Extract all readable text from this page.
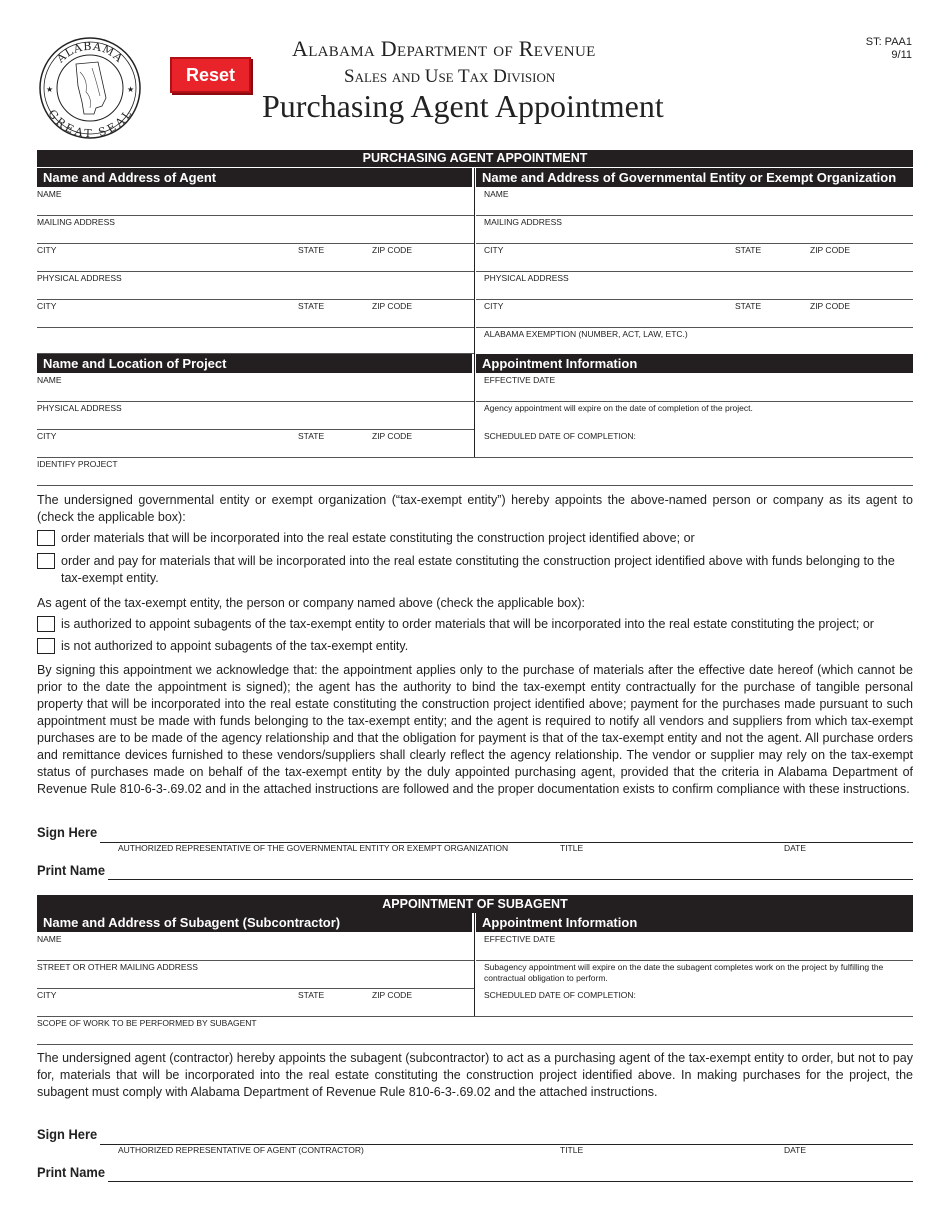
ALABAMA
GREAT SEAL
★	★
Reset
Alabama Department of Revenue
Sales and Use Tax Division
Purchasing Agent Appointment
ST: PAA1
9/11
PURCHASING AGENT APPOINTMENT
Name and Address of Agent	Name and Address of Governmental Entity or Exempt Organization
NAME
MAILING ADDRESS
CITY	STATE	ZIP CODE
PHYSICAL ADDRESS
CITY	STATE	ZIP CODE
NAME
MAILING ADDRESS
CITY	STATE	ZIP CODE
PHYSICAL ADDRESS
CITY	STATE	ZIP CODE
ALABAMA EXEMPTION (NUMBER, ACT, LAW, ETC.)
Name and Location of Project	Appointment Information
NAME
PHYSICAL ADDRESS
CITY	STATE	ZIP CODE
IDENTIFY PROJECT
EFFECTIVE DATE
Agency appointment will expire on the date of completion of the project.
SCHEDULED DATE OF COMPLETION:
The undersigned governmental entity or exempt organization (“tax-exempt entity”) hereby appoints the above-named person or company as its agent to (check the applicable box):
order materials that will be incorporated into the real estate constituting the construction project identified above; or
order and pay for materials that will be incorporated into the real estate constituting the construction project identified above with funds belonging to the tax-exempt entity.
As agent of the tax-exempt entity, the person or company named above (check the applicable box):
is authorized to appoint subagents of the tax-exempt entity to order materials that will be incorporated into the real estate constituting the project; or
is not authorized to appoint subagents of the tax-exempt entity.
By signing this appointment we acknowledge that: the appointment applies only to the purchase of materials after the effective date hereof (which cannot be prior to the date the appointment is signed); the agent has the authority to bind the tax-exempt entity contractually for the purchase of tangible personal property that will be incorporated into the real estate constituting the construction project identified above; payment for the purchases made pursuant to such appointment must be made with funds belonging to the tax-exempt entity; and the agent is required to notify all vendors and suppliers from which tax-exempt purchases are to be made of the agency relationship and that the obligation for payment is that of the tax-exempt entity and not the agent. All purchase orders and remittance devices furnished to these vendors/suppliers shall clearly reflect the agency relationship. The vendor or supplier may rely on the tax-exempt status of purchases made on behalf of the tax-exempt entity by the duly appointed purchasing agent, provided that the criteria in Alabama Department of Revenue Rule 810-6-3-.69.02 and in the attached instructions are followed and the proper documentation exists to confirm compliance with these instructions.
Sign Here
AUTHORIZED REPRESENTATIVE OF THE GOVERNMENTAL ENTITY OR EXEMPT ORGANIZATION	TITLE	DATE
Print Name
APPOINTMENT OF SUBAGENT
Name and Address of Subagent (Subcontractor)	Appointment Information
NAME
STREET OR OTHER MAILING ADDRESS
CITY	STATE	ZIP CODE
SCOPE OF WORK TO BE PERFORMED BY SUBAGENT
EFFECTIVE DATE
Subagency appointment will expire on the date the subagent completes work on the project by fulfilling the contractual obligation to perform.
SCHEDULED DATE OF COMPLETION:
The undersigned agent (contractor) hereby appoints the subagent (subcontractor) to act as a purchasing agent of the tax-exempt entity to order, but not to pay for, materials that will be incorporated into the real estate constituting the construction project identified above. In making purchases for the project, the subagent must comply with Alabama Department of Revenue Rule 810-6-3-.69.02 and the attached instructions.
Sign Here
AUTHORIZED REPRESENTATIVE OF AGENT (CONTRACTOR)	TITLE	DATE
Print Name
